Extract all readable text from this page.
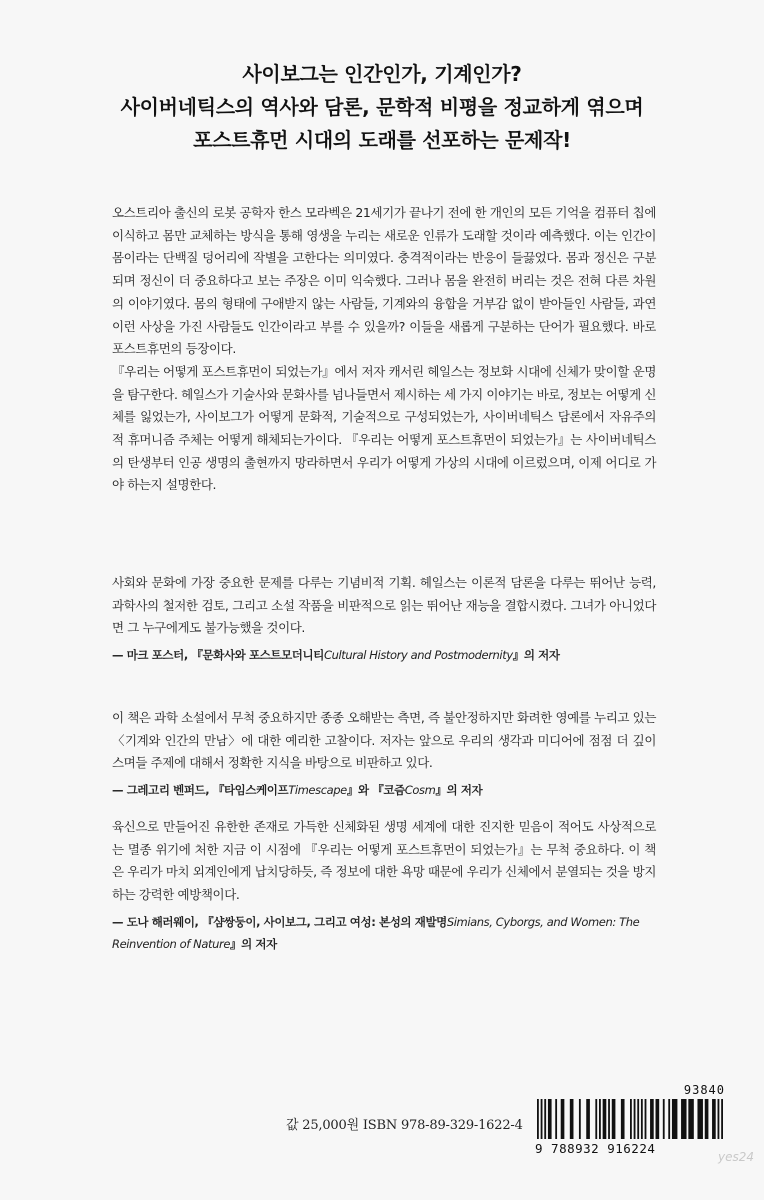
사이보그는 인간인가, 기계인가?
사이버네틱스의 역사와 담론, 문학적 비평을 정교하게 엮으며
포스트휴먼 시대의 도래를 선포하는 문제작!

오스트리아 출신의 로봇 공학자 한스 모라벡은 21세기가 끝나기 전에 한 개인의 모든 기억을 컴퓨터 칩에 이식하고 몸만 교체하는 방식을 통해 영생을 누리는 새로운 인류가 도래할 것이라 예측했다. 이는 인간이 몸이라는 단백질 덩어리에 작별을 고한다는 의미였다. 충격적이라는 반응이 들끓었다. 몸과 정신은 구분되며 정신이 더 중요하다고 보는 주장은 이미 익숙했다. 그러나 몸을 완전히 버리는 것은 전혀 다른 차원의 이야기였다. 몸의 형태에 구애받지 않는 사람들, 기계와의 융합을 거부감 없이 받아들인 사람들, 과연 이런 사상을 가진 사람들도 인간이라고 부를 수 있을까? 이들을 새롭게 구분하는 단어가 필요했다. 바로 포스트휴먼의 등장이다.

『우리는 어떻게 포스트휴먼이 되었는가』에서 저자 캐서린 헤일스는 정보화 시대에 신체가 맞이할 운명을 탐구한다. 헤일스가 기술사와 문화사를 넘나들면서 제시하는 세 가지 이야기는 바로, 정보는 어떻게 신체를 잃었는가, 사이보그가 어떻게 문화적, 기술적으로 구성되었는가, 사이버네틱스 담론에서 자유주의적 휴머니즘 주체는 어떻게 해체되는가이다. 『우리는 어떻게 포스트휴먼이 되었는가』는 사이버네틱스의 탄생부터 인공 생명의 출현까지 망라하면서 우리가 어떻게 가상의 시대에 이르렀으며, 이제 어디로 가야 하는지 설명한다.

사회와 문화에 가장 중요한 문제를 다루는 기념비적 기획. 헤일스는 이론적 담론을 다루는 뛰어난 능력, 과학사의 철저한 검토, 그리고 소설 작품을 비판적으로 읽는 뛰어난 재능을 결합시켰다. 그녀가 아니었다면 그 누구에게도 불가능했을 것이다.

— 마크 포스터, 『문화사와 포스트모더니티Cultural History and Postmodernity』의 저자

이 책은 과학 소설에서 무척 중요하지만 종종 오해받는 측면, 즉 불안정하지만 화려한 영예를 누리고 있는 〈기계와 인간의 만남〉에 대한 예리한 고찰이다. 저자는 앞으로 우리의 생각과 미디어에 점점 더 깊이 스며들 주제에 대해서 정확한 지식을 바탕으로 비판하고 있다.

— 그레고리 벤퍼드, 『타임스케이프Timescape』와 『코즘Cosm』의 저자

육신으로 만들어진 유한한 존재로 가득한 신체화된 생명 세계에 대한 진지한 믿음이 적어도 사상적으로는 멸종 위기에 처한 지금 이 시점에 『우리는 어떻게 포스트휴먼이 되었는가』는 무척 중요하다. 이 책은 우리가 마치 외계인에게 납치당하듯, 즉 정보에 대한 욕망 때문에 우리가 신체에서 분열되는 것을 방지하는 강력한 예방책이다.

— 도나 해러웨이, 『샴쌍둥이, 사이보그, 그리고 여성: 본성의 재발명Simians, Cyborgs, and Women: The Reinvention of Nature』의 저자

값 25,000원 ISBN 978-89-329-1622-4
93840
9 788932 916224
yes24
